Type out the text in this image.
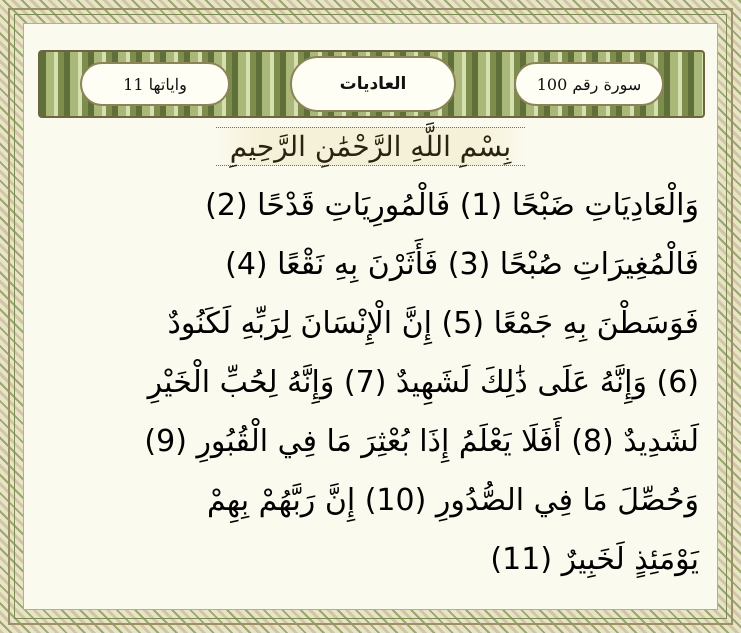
واياتها 11	العاديات	سورة رقم 100
بِسْمِ اللَّهِ الرَّحْمَٰنِ الرَّحِيمِ
وَالْعَادِيَاتِ ضَبْحًا (1) فَالْمُورِيَاتِ قَدْحًا (2)
فَالْمُغِيرَاتِ صُبْحًا (3) فَأَثَرْنَ بِهِ نَقْعًا (4)
فَوَسَطْنَ بِهِ جَمْعًا (5) إِنَّ الْإِنْسَانَ لِرَبِّهِ لَكَنُودٌ
(6) وَإِنَّهُ عَلَى ذَٰلِكَ لَشَهِيدٌ (7) وَإِنَّهُ لِحُبِّ الْخَيْرِ
لَشَدِيدٌ (8) أَفَلَا يَعْلَمُ إِذَا بُعْثِرَ مَا فِي الْقُبُورِ (9)
وَحُصِّلَ مَا فِي الصُّدُورِ (10) إِنَّ رَبَّهُمْ بِهِمْ
يَوْمَئِذٍ لَخَبِيرٌ (11)
